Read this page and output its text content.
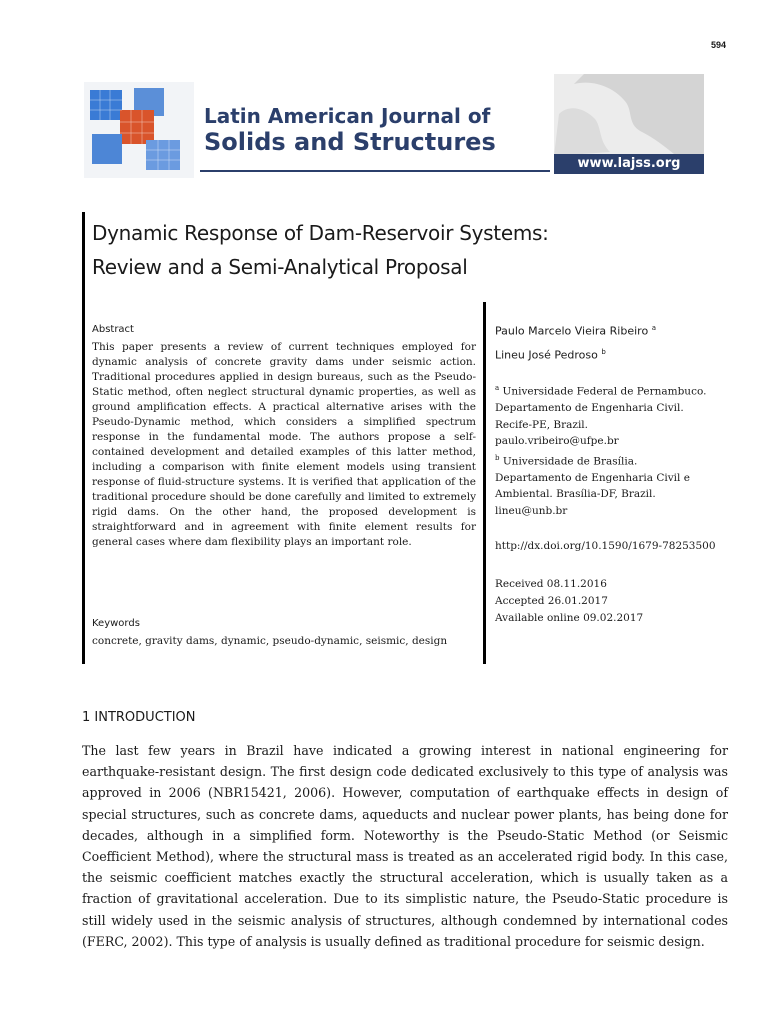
594
Latin American Journal of
Solids and Structures
www.lajss.org
Dynamic Response of Dam-Reservoir Systems:
Review and a Semi-Analytical Proposal
Abstract
This paper presents a review of current techniques employed for dynamic analysis of concrete gravity dams under seismic action. Traditional procedures applied in design bureaus, such as the Pseudo-Static method, often neglect structural dynamic properties, as well as ground amplification effects. A practical alternative arises with the Pseudo-Dynamic method, which considers a simplified spectrum response in the fundamental mode. The authors propose a self-contained development and detailed examples of this latter method, including a comparison with finite element models using transient response of fluid-structure systems. It is verified that application of the traditional procedure should be done carefully and limited to extremely rigid dams. On the other hand, the proposed development is straightforward and in agreement with finite element results for general cases where dam flexibility plays an important role.
Keywords
concrete, gravity dams, dynamic, pseudo-dynamic, seismic, design
Paulo Marcelo Vieira Ribeiro $^a$
Lineu José Pedroso $^b$
$^a$ Universidade Federal de Pernambuco.
Departamento de Engenharia Civil.
Recife-PE, Brazil.
paulo.vribeiro@ufpe.br
$^b$ Universidade de Brasília.
Departamento de Engenharia Civil e
Ambiental. Brasília-DF, Brazil.
lineu@unb.br
http://dx.doi.org/10.1590/1679-78253500
Received 08.11.2016
Accepted 26.01.2017
Available online 09.02.2017
1 INTRODUCTION
The last few years in Brazil have indicated a growing interest in national engineering for earthquake-resistant design. The first design code dedicated exclusively to this type of analysis was approved in 2006 (NBR15421, 2006). However, computation of earthquake effects in design of special structures, such as concrete dams, aqueducts and nuclear power plants, has being done for decades, although in a simplified form. Noteworthy is the Pseudo-Static Method (or Seismic Coefficient Method), where the structural mass is treated as an accelerated rigid body. In this case, the seismic coefficient matches exactly the structural acceleration, which is usually taken as a fraction of gravitational acceleration. Due to its simplistic nature, the Pseudo-Static procedure is still widely used in the seismic analysis of structures, although condemned by international codes (FERC, 2002). This type of analysis is usually defined as traditional procedure for seismic design.
